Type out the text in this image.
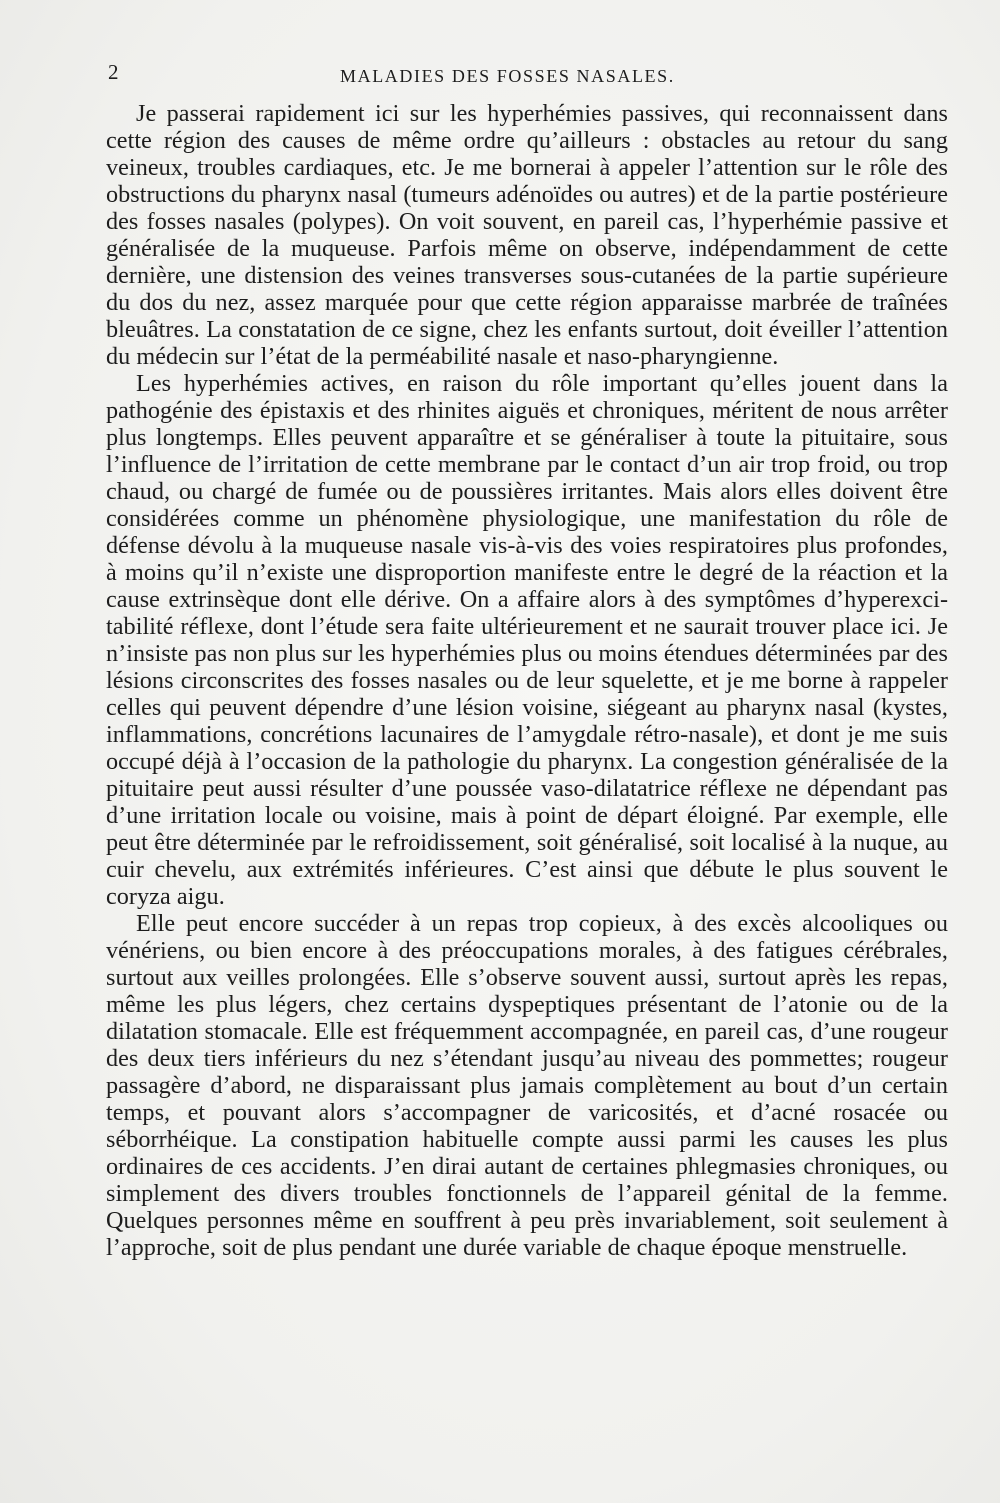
2	MALADIES DES FOSSES NASALES.

Je passerai rapidement ici sur les hyperhémies passives, qui reconnaissent dans cette région des causes de même ordre qu’ailleurs : obstacles au retour du sang veineux, troubles cardiaques, etc. Je me bornerai à appeler l’attention sur le rôle des obstructions du pharynx nasal (tumeurs adénoïdes ou autres) et de la partie postérieure des fosses nasales (polypes). On voit souvent, en pareil cas, l’hyperhémie passive et généralisée de la muqueuse. Parfois même on observe, indépendamment de cette dernière, une distension des veines transverses sous-cutanées de la partie supérieure du dos du nez, assez marquée pour que cette région apparaisse marbrée de traînées bleuâtres. La constatation de ce signe, chez les enfants surtout, doit éveiller l’attention du médecin sur l’état de la perméabilité nasale et naso-pharyngienne.

Les hyperhémies actives, en raison du rôle important qu’elles jouent dans la pathogénie des épistaxis et des rhinites aiguës et chroniques, méritent de nous arrêter plus longtemps. Elles peuvent apparaître et se généraliser à toute la pituitaire, sous l’influence de l’irritation de cette membrane par le contact d’un air trop froid, ou trop chaud, ou chargé de fumée ou de poussières irritantes. Mais alors elles doivent être considérées comme un phénomène physiologique, une manifestation du rôle de défense dévolu à la muqueuse nasale vis-à-vis des voies respiratoires plus profondes, à moins qu’il n’existe une disproportion manifeste entre le degré de la réaction et la cause extrinsèque dont elle dérive. On a affaire alors à des symptômes d’hyperexcitabilité réflexe, dont l’étude sera faite ultérieurement et ne saurait trouver place ici. Je n’insiste pas non plus sur les hyperhémies plus ou moins étendues déterminées par des lésions circonscrites des fosses nasales ou de leur squelette, et je me borne à rappeler celles qui peuvent dépendre d’une lésion voisine, siégeant au pharynx nasal (kystes, inflammations, concrétions lacunaires de l’amygdale rétro-nasale), et dont je me suis occupé déjà à l’occasion de la pathologie du pharynx. La congestion généralisée de la pituitaire peut aussi résulter d’une poussée vaso-dilatatrice réflexe ne dépendant pas d’une irritation locale ou voisine, mais à point de départ éloigné. Par exemple, elle peut être déterminée par le refroidissement, soit généralisé, soit localisé à la nuque, au cuir chevelu, aux extrémités inférieures. C’est ainsi que débute le plus souvent le coryza aigu.

Elle peut encore succéder à un repas trop copieux, à des excès alcooliques ou vénériens, ou bien encore à des préoccupations morales, à des fatigues cérébrales, surtout aux veilles prolongées. Elle s’observe souvent aussi, surtout après les repas, même les plus légers, chez certains dyspeptiques présentant de l’atonie ou de la dilatation stomacale. Elle est fréquemment accompagnée, en pareil cas, d’une rougeur des deux tiers inférieurs du nez s’étendant jusqu’au niveau des pommettes; rougeur passagère d’abord, ne disparaissant plus jamais complètement au bout d’un certain temps, et pouvant alors s’accompagner de varicosités, et d’acné rosacée ou séborrhéique. La constipation habituelle compte aussi parmi les causes les plus ordinaires de ces accidents. J’en dirai autant de certaines phlegmasies chroniques, ou simplement des divers troubles fonctionnels de l’appareil génital de la femme. Quelques personnes même en souffrent à peu près invariablement, soit seulement à l’approche, soit de plus pendant une durée variable de chaque époque menstruelle.
